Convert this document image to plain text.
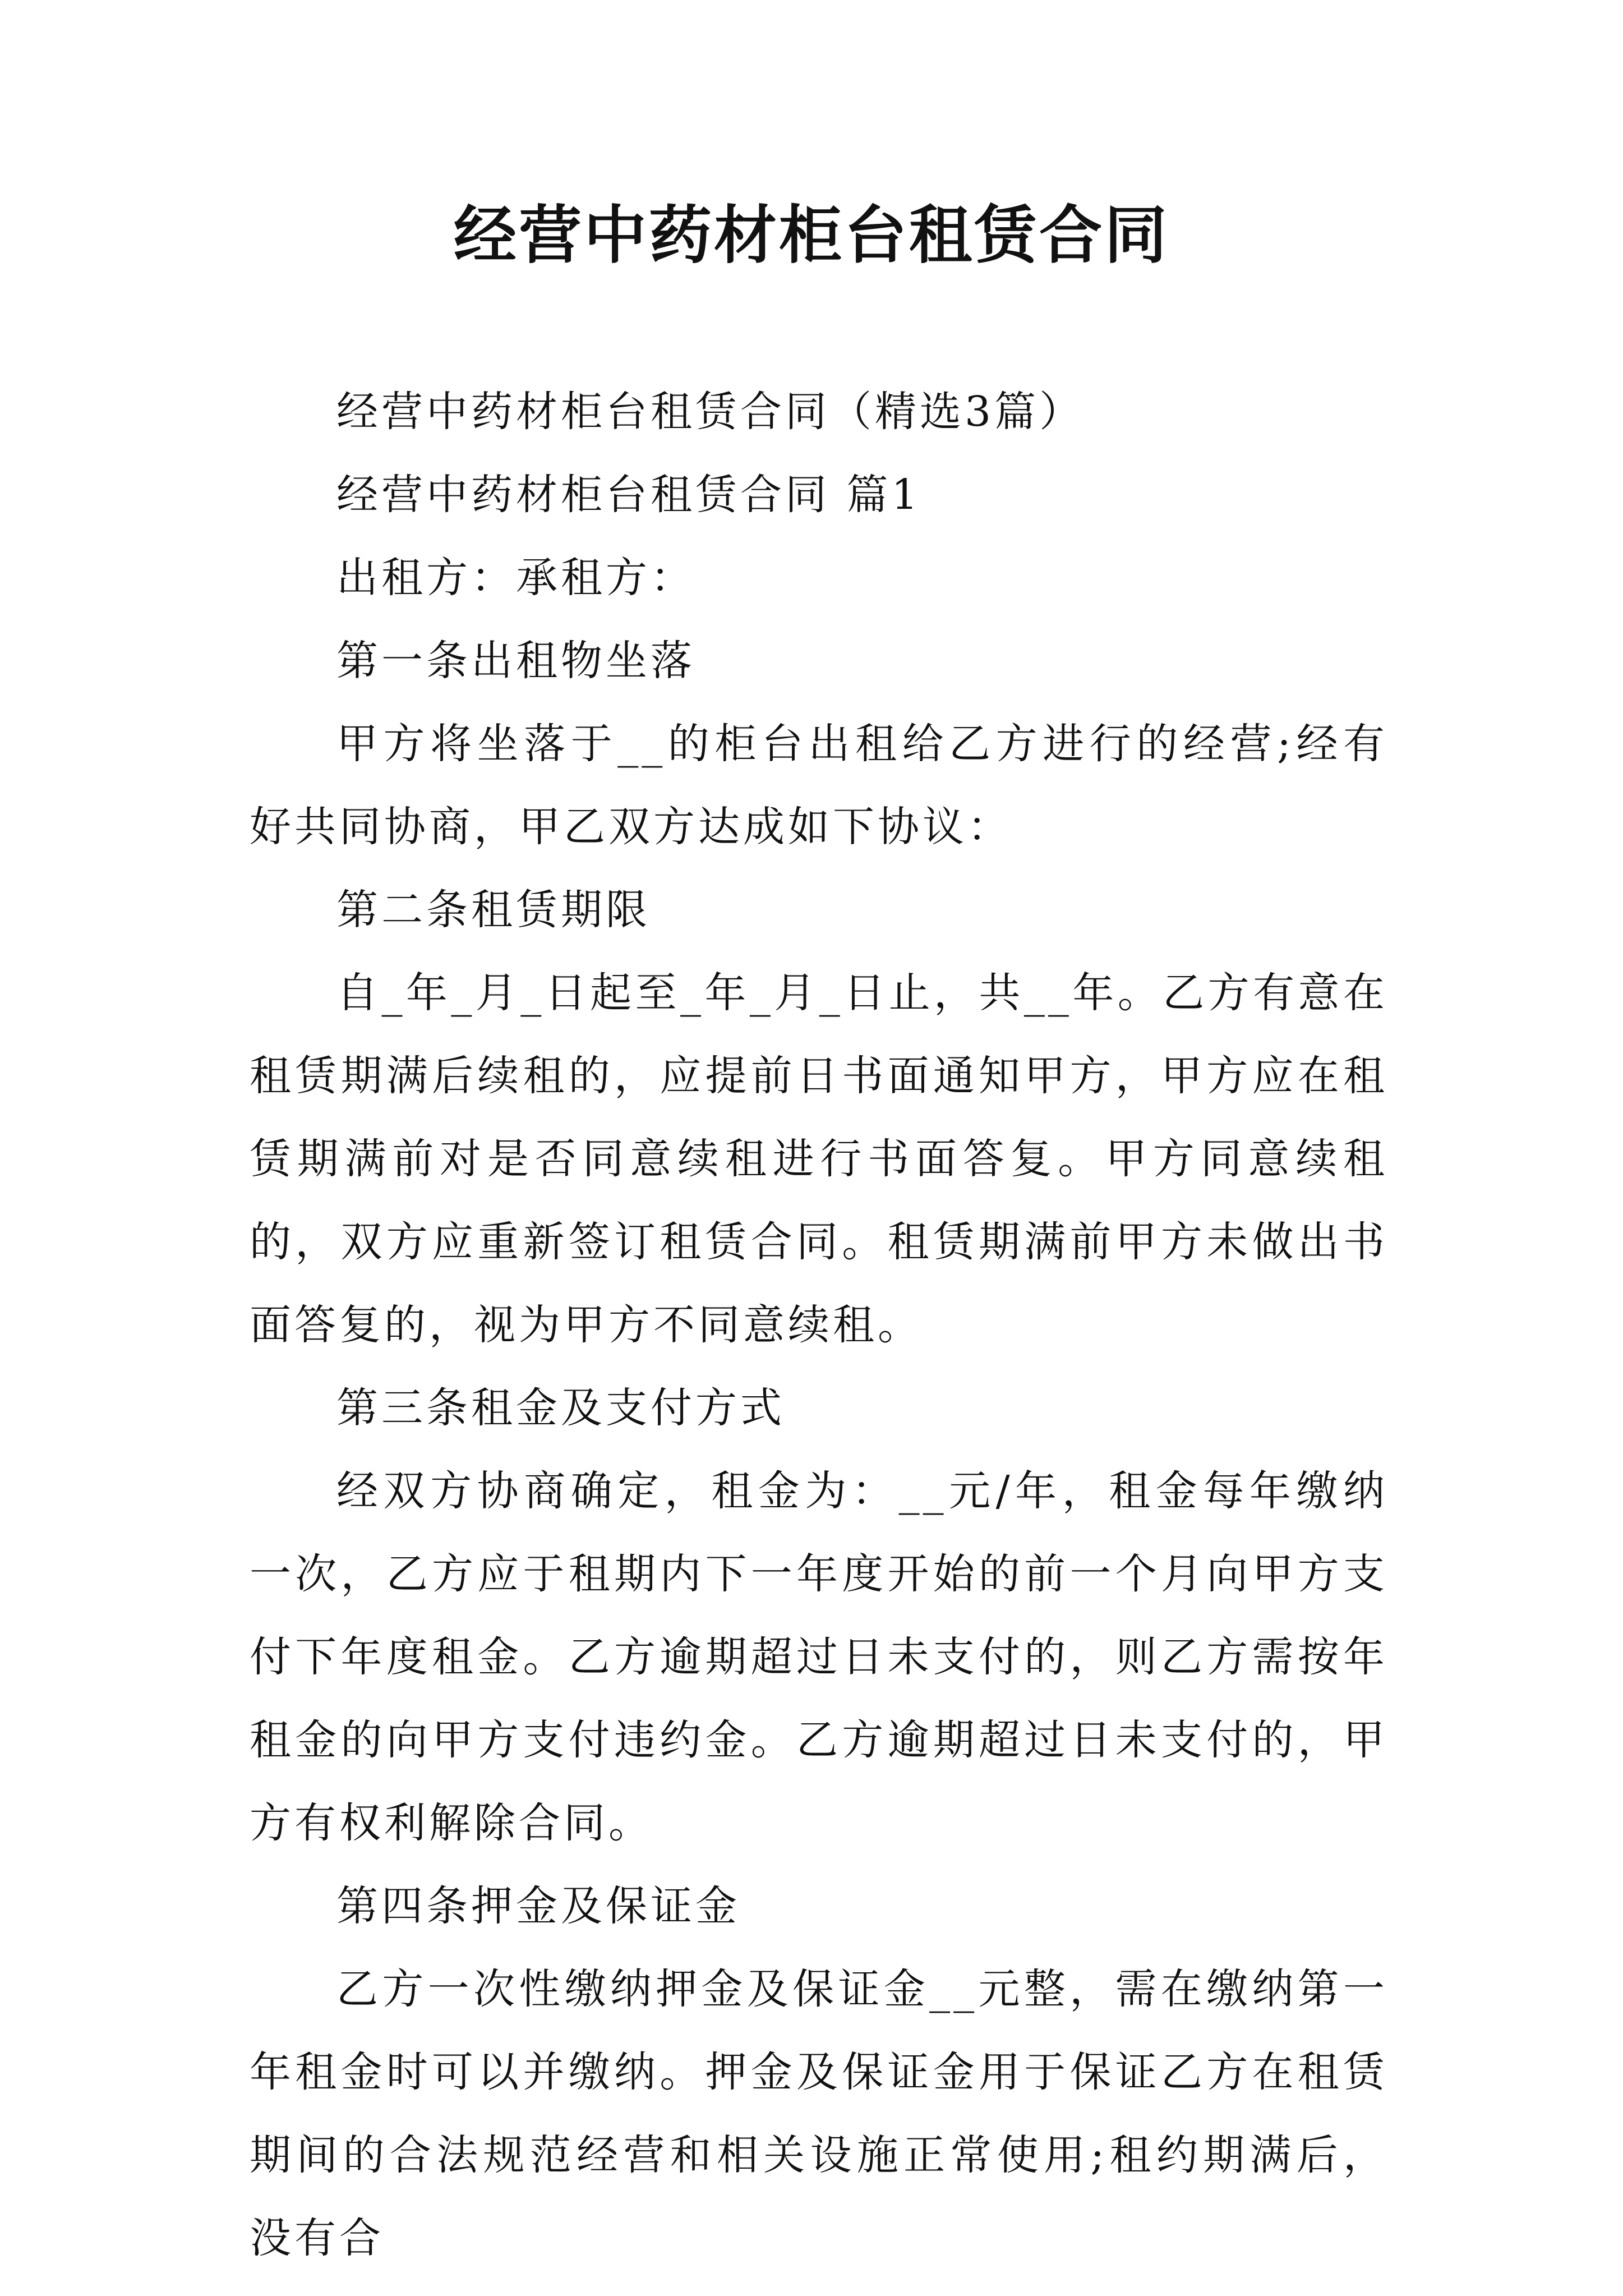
经营中药材柜台租赁合同

经营中药材柜台租赁合同（精选3篇）

经营中药材柜台租赁合同 篇1

出租方：承租方：

第一条出租物坐落

甲方将坐落于__的柜台出租给乙方进行的经营;经有好共同协商，甲乙双方达成如下协议：

第二条租赁期限

自_年_月_日起至_年_月_日止，共__年。乙方有意在租赁期满后续租的，应提前日书面通知甲方，甲方应在租赁期满前对是否同意续租进行书面答复。甲方同意续租的，双方应重新签订租赁合同。租赁期满前甲方未做出书面答复的，视为甲方不同意续租。

第三条租金及支付方式

经双方协商确定，租金为：__元/年，租金每年缴纳一次，乙方应于租期内下一年度开始的前一个月向甲方支付下年度租金。乙方逾期超过日未支付的，则乙方需按年租金的向甲方支付违约金。乙方逾期超过日未支付的，甲方有权利解除合同。

第四条押金及保证金

乙方一次性缴纳押金及保证金__元整，需在缴纳第一年租金时可以并缴纳。押金及保证金用于保证乙方在租赁期间的合法规范经营和相关设施正常使用;租约期满后，没有合
